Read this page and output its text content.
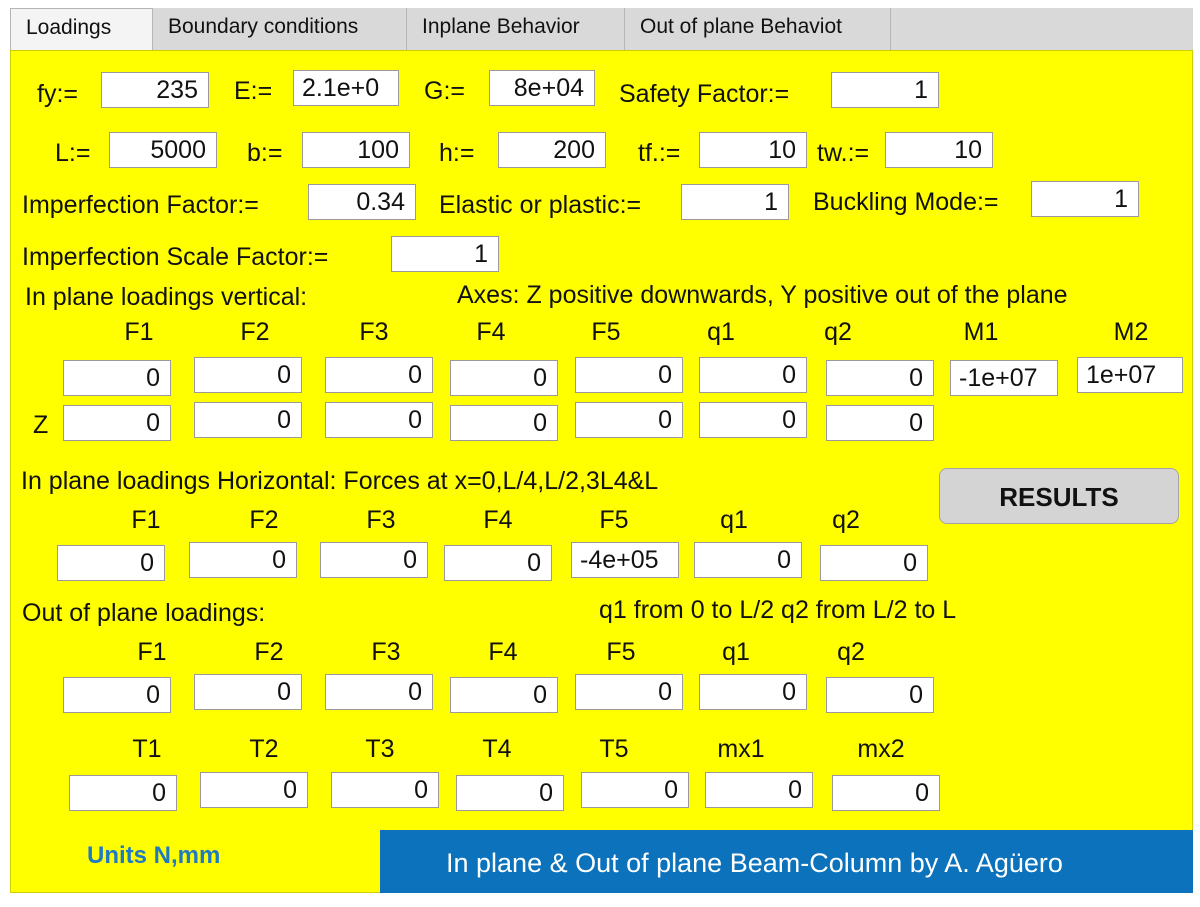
Loadings	Boundary conditions	Inplane Behavior	Out of plane Behaviot
fy:=	235	E:=	2.1e+0	G:=	8e+04	Safety Factor:=	1
L:=	5000	b:=	100	h:=	200	tf.:=	10 tw.:=	10
Imperfection Factor:=	0.34	Elastic or plastic:=	1	Buckling Mode:=	1
Imperfection Scale Factor:=	1
In plane loadings vertical:	Axes: Z positive downwards, Y positive out of the plane
F1	F2	F3	F4	F5	q1	q2	M1	M2
0	0	0	0	0	0	0	-1e+07	1e+07
Z	0	0	0	0	0	0	0
In plane loadings Horizontal: Forces at x=0,L/4,L/2,3L4&L
RESULTS
F1	F2	F3	F4	F5	q1	q2
0	0	0	0	-4e+05	0	0
Out of plane loadings:	q1 from 0 to L/2 q2 from L/2 to L
F1	F2	F3	F4	F5	q1	q2
0	0	0	0	0	0	0
T1	T2	T3	T4	T5	mx1	mx2
0	0	0	0	0	0	0
Units N,mm	In plane & Out of plane Beam-Column by A. Agüero
